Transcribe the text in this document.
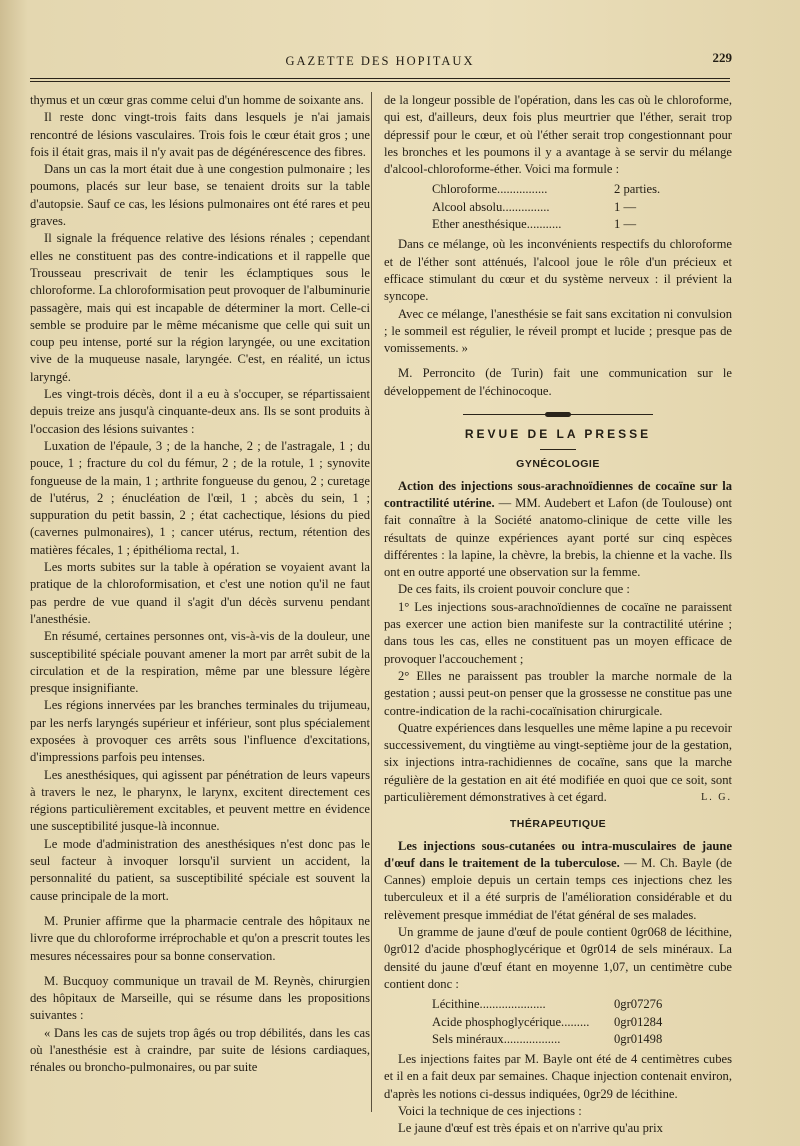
GAZETTE DES HOPITAUX	229

thymus et un cœur gras comme celui d'un homme de soixante ans.

Il reste donc vingt-trois faits dans lesquels je n'ai jamais rencontré de lésions vasculaires. Trois fois le cœur était gros ; une fois il était gras, mais il n'y avait pas de dégénérescence des fibres.

Dans un cas la mort était due à une congestion pulmonaire ; les poumons, placés sur leur base, se tenaient droits sur la table d'autopsie. Sauf ce cas, les lésions pulmonaires ont été rares et peu graves.

Il signale la fréquence relative des lésions rénales ; cependant elles ne constituent pas des contre-indications et il rappelle que Trousseau prescrivait de tenir les éclamptiques sous le chloroforme. La chloroformisation peut provoquer de l'albuminurie passagère, mais qui est incapable de déterminer la mort. Celle-ci semble se produire par le même mécanisme que celle qui suit un coup peu intense, porté sur la région laryngée, ou une excitation vive de la muqueuse nasale, laryngée. C'est, en réalité, un ictus laryngé.

Les vingt-trois décès, dont il a eu à s'occuper, se répartissaient depuis treize ans jusqu'à cinquante-deux ans. Ils se sont produits à l'occasion des lésions suivantes :

Luxation de l'épaule, 3 ; de la hanche, 2 ; de l'astragale, 1 ; du pouce, 1 ; fracture du col du fémur, 2 ; de la rotule, 1 ; synovite fongueuse de la main, 1 ; arthrite fongueuse du genou, 2 ; curetage de l'utérus, 2 ; énucléation de l'œil, 1 ; abcès du sein, 1 ; suppuration du petit bassin, 2 ; état cachectique, lésions du pied (cavernes pulmonaires), 1 ; cancer utérus, rectum, rétention des matières fécales, 1 ; épithélioma rectal, 1.

Les morts subites sur la table à opération se voyaient avant la pratique de la chloroformisation, et c'est une notion qu'il ne faut pas perdre de vue quand il s'agit d'un décès survenu pendant l'anesthésie.

En résumé, certaines personnes ont, vis-à-vis de la douleur, une susceptibilité spéciale pouvant amener la mort par arrêt subit de la circulation et de la respiration, même par une blessure légère presque insignifiante.

Les régions innervées par les branches terminales du trijumeau, par les nerfs laryngés supérieur et inférieur, sont plus spécialement exposées à provoquer ces arrêts sous l'influence d'excitations, d'impressions parfois peu intenses.

Les anesthésiques, qui agissent par pénétration de leurs vapeurs à travers le nez, le pharynx, le larynx, excitent directement ces régions particulièrement excitables, et peuvent mettre en évidence une susceptibilité jusque-là inconnue.

Le mode d'administration des anesthésiques n'est donc pas le seul facteur à invoquer lorsqu'il survient un accident, la personnalité du patient, sa susceptibilité spéciale est souvent la cause principale de la mort.

M. Prunier affirme que la pharmacie centrale des hôpitaux ne livre que du chloroforme irréprochable et qu'on a prescrit toutes les mesures nécessaires pour sa bonne conservation.

M. Bucquoy communique un travail de M. Reynès, chirurgien des hôpitaux de Marseille, qui se résume dans les propositions suivantes :

« Dans les cas de sujets trop âgés ou trop débilités, dans les cas où l'anesthésie est à craindre, par suite de lésions cardiaques, rénales ou broncho-pulmonaires, ou par suite

de la longeur possible de l'opération, dans les cas où le chloroforme, qui est, d'ailleurs, deux fois plus meurtrier que l'éther, serait trop dépressif pour le cœur, et où l'éther serait trop congestionnant pour les bronches et les poumons il y a avantage à se servir du mélange d'alcool-chloroforme-éther. Voici ma formule :

Chloroforme................	2 parties.
Alcool absolu...............	1 —
Ether anesthésique...........	1 —

Dans ce mélange, où les inconvénients respectifs du chloroforme et de l'éther sont atténués, l'alcool joue le rôle d'un précieux et efficace stimulant du cœur et du système nerveux : il prévient la syncope.

Avec ce mélange, l'anesthésie se fait sans excitation ni convulsion ; le sommeil est régulier, le réveil prompt et lucide ; presque pas de vomissements. »

M. Perroncito (de Turin) fait une communication sur le développement de l'échinocoque.

REVUE DE LA PRESSE
GYNÉCOLOGIE

Action des injections sous-arachnoïdiennes de cocaïne sur la contractilité utérine. — MM. Audebert et Lafon (de Toulouse) ont fait connaître à la Société anatomo-clinique de cette ville les résultats de quinze expériences ayant porté sur cinq espèces différentes : la lapine, la chèvre, la brebis, la chienne et la vache. Ils ont en outre apporté une observation sur la femme.

De ces faits, ils croient pouvoir conclure que :

1° Les injections sous-arachnoïdiennes de cocaïne ne paraissent pas exercer une action bien manifeste sur la contractilité utérine ; dans tous les cas, elles ne constituent pas un moyen efficace de provoquer l'accouchement ;

2° Elles ne paraissent pas troubler la marche normale de la gestation ; aussi peut-on penser que la grossesse ne constitue pas une contre-indication de la rachi-cocaïnisation chirurgicale.

Quatre expériences dans lesquelles une même lapine a pu recevoir successivement, du vingtième au vingt-septième jour de la gestation, six injections intra-rachidiennes de cocaïne, sans que la marche régulière de la gestation en ait été modifiée en quoi que ce soit, sont particulièrement démonstratives à cet égard.	L. G.

THÉRAPEUTIQUE

Les injections sous-cutanées ou intra-musculaires de jaune d'œuf dans le traitement de la tuberculose. — M. Ch. Bayle (de Cannes) emploie depuis un certain temps ces injections chez les tuberculeux et il a été surpris de l'amélioration considérable et du relèvement presque immédiat de l'état général de ses malades.

Un gramme de jaune d'œuf de poule contient 0gr068 de lécithine, 0gr012 d'acide phosphoglycérique et 0gr014 de sels minéraux. La densité du jaune d'œuf étant en moyenne 1,07, un centimètre cube contient donc :

Lécithine.....................	0gr07276
Acide phosphoglycérique.........	0gr01284
Sels minéraux..................	0gr01498

Les injections faites par M. Bayle ont été de 4 centimètres cubes et il en a fait deux par semaines. Chaque injection contenait environ, d'après les notions ci-dessus indiquées, 0gr29 de lécithine.

Voici la technique de ces injections :

Le jaune d'œuf est très épais et on n'arrive qu'au prix
